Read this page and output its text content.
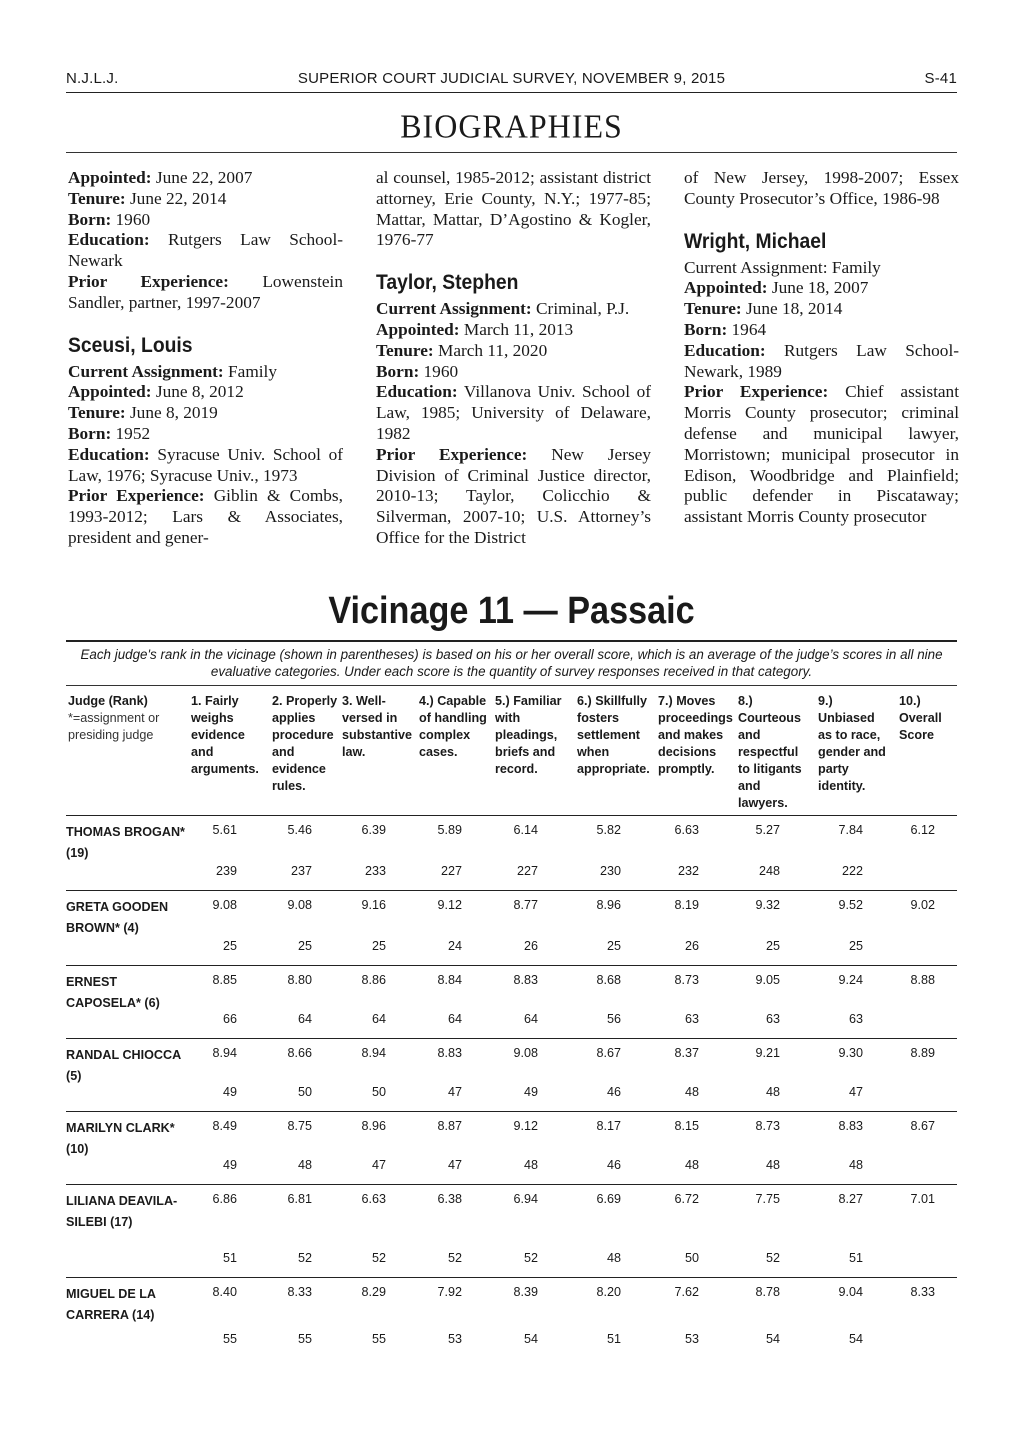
N.J.L.J.	SUPERIOR COURT JUDICIAL SURVEY, NOVEMBER 9, 2015	S-41
BIOGRAPHIES

Appointed: June 22, 2007

Tenure: June 22, 2014

Born: 1960

Education: Rutgers Law School-Newark

Prior Experience: Lowenstein Sandler, partner, 1997-2007

Sceusi, Louis

Current Assignment: Family

Appointed: June 8, 2012

Tenure: June 8, 2019

Born: 1952

Education: Syracuse Univ. School of Law, 1976; Syracuse Univ., 1973

Prior Experience: Giblin & Combs, 1993-2012; Lars & Associates, president and gener-

al counsel, 1985-2012; assistant district attorney, Erie County, N.Y.; 1977-85; Mattar, Mattar, D’Agostino & Kogler, 1976-77

Taylor, Stephen

Current Assignment: Criminal, P.J.

Appointed: March 11, 2013

Tenure: March 11, 2020

Born: 1960

Education: Villanova Univ. School of Law, 1985; University of Delaware, 1982

Prior Experience: New Jersey Division of Criminal Justice director, 2010-13; Taylor, Colicchio & Silverman, 2007-10; U.S. Attorney’s Office for the District

of New Jersey, 1998-2007; Essex County Prosecutor’s Office, 1986-98

Wright, Michael

Current Assignment: Family

Appointed: June 18, 2007

Tenure: June 18, 2014

Born: 1964

Education: Rutgers Law School-Newark, 1989

Prior Experience: Chief assistant Morris County prosecutor; criminal defense and municipal lawyer, Morristown; municipal prosecutor in Edison, Woodbridge and Plainfield; public defender in Piscataway; assistant Morris County prosecutor

Vicinage 11 — Passaic
Each judge's rank in the vicinage (shown in parentheses) is based on his or her overall score, which is an average of the judge’s scores in all nine evaluative categories. Under each score is the quantity of survey responses received in that category.
Judge (Rank)
*=assignment or presiding judge
1. Fairly weighs evidence and arguments.
2. Properly applies procedure and evidence rules.
3. Well-versed in substantive law.
4.) Capable of handling complex cases.
5.) Familiar with pleadings, briefs and record.
6.) Skillfully fosters settlement when appropriate.
7.) Moves proceedings and makes decisions promptly.
8.) Courteous and respectful to litigants and lawyers.
9.) Unbiased as to race, gender and party identity.
10.) Overall Score
THOMAS BROGAN* (19)
5.61	5.46	6.39	5.89	6.14	5.82	6.63	5.27	7.84	6.12
239	237	233	227	227	230	232	248	222
GRETA GOODEN BROWN* (4)
9.08	9.08	9.16	9.12	8.77	8.96	8.19	9.32	9.52	9.02
25	25	25	24	26	25	26	25	25
ERNEST CAPOSELA* (6)
8.85	8.80	8.86	8.84	8.83	8.68	8.73	9.05	9.24	8.88
66	64	64	64	64	56	63	63	63
RANDAL CHIOCCA (5)
8.94	8.66	8.94	8.83	9.08	8.67	8.37	9.21	9.30	8.89
49	50	50	47	49	46	48	48	47
MARILYN CLARK* (10)
8.49	8.75	8.96	8.87	9.12	8.17	8.15	8.73	8.83	8.67
49	48	47	47	48	46	48	48	48
LILIANA DEAVILA-SILEBI (17)
6.86	6.81	6.63	6.38	6.94	6.69	6.72	7.75	8.27	7.01
51	52	52	52	52	48	50	52	51
MIGUEL DE LA CARRERA (14)
8.40	8.33	8.29	7.92	8.39	8.20	7.62	8.78	9.04	8.33
55	55	55	53	54	51	53	54	54
